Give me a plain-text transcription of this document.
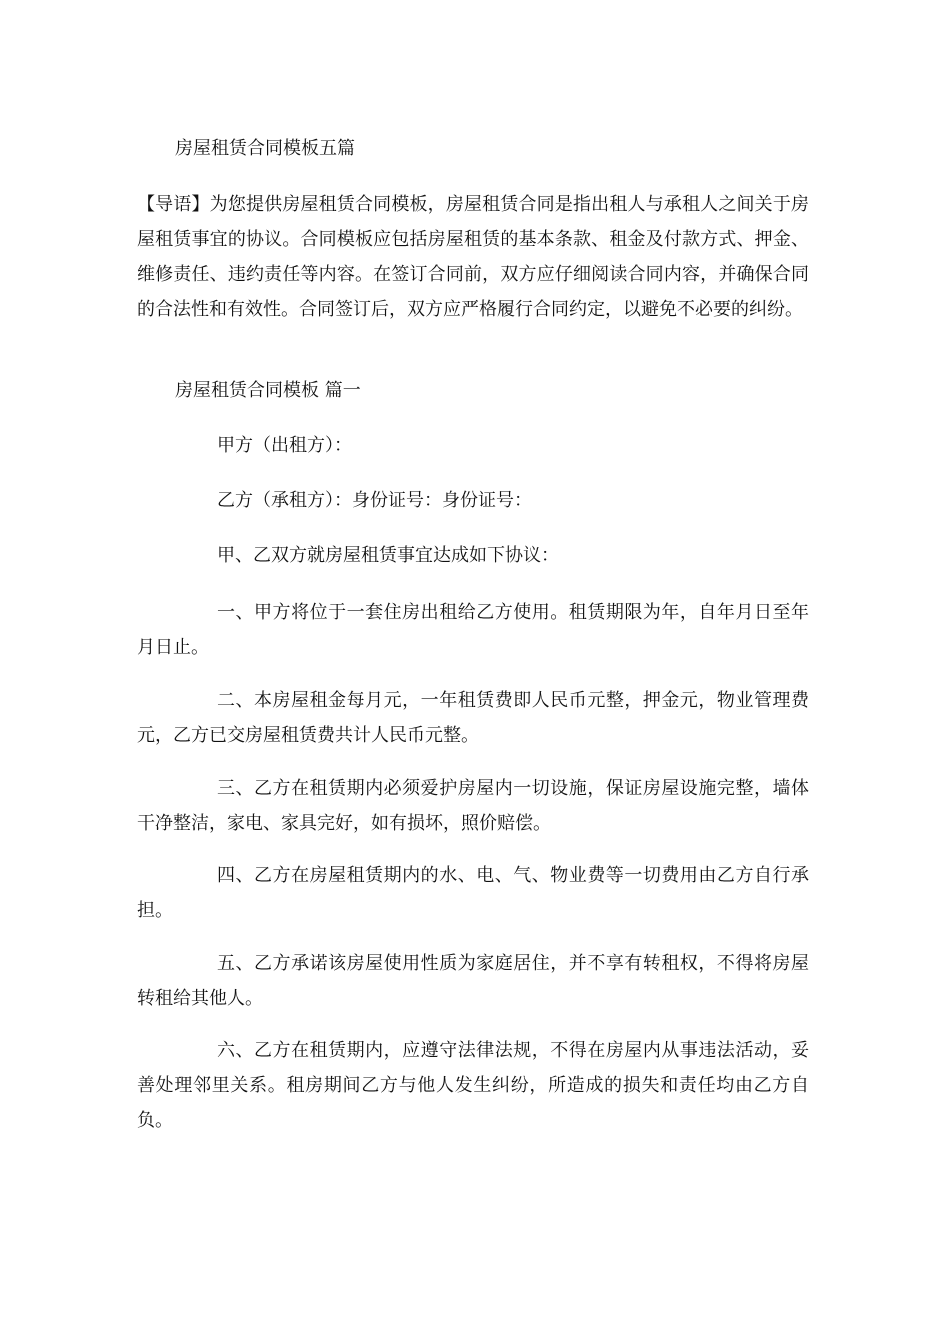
房屋租赁合同模板五篇
【导语】为您提供房屋租赁合同模板，房屋租赁合同是指出租人与承租人之间关于房屋租赁事宜的协议。合同模板应包括房屋租赁的基本条款、租金及付款方式、押金、维修责任、违约责任等内容。在签订合同前，双方应仔细阅读合同内容，并确保合同的合法性和有效性。合同签订后，双方应严格履行合同约定，以避免不必要的纠纷。
房屋租赁合同模板 篇一
甲方（出租方）：
乙方（承租方）：身份证号：身份证号：
甲、乙双方就房屋租赁事宜达成如下协议：
一、甲方将位于一套住房出租给乙方使用。租赁期限为年，自年月日至年月日止。
二、本房屋租金每月元，一年租赁费即人民币元整，押金元，物业管理费元，乙方已交房屋租赁费共计人民币元整。
三、乙方在租赁期内必须爱护房屋内一切设施，保证房屋设施完整，墙体干净整洁，家电、家具完好，如有损坏，照价赔偿。
四、乙方在房屋租赁期内的水、电、气、物业费等一切费用由乙方自行承担。
五、乙方承诺该房屋使用性质为家庭居住，并不享有转租权，不得将房屋转租给其他人。
六、乙方在租赁期内，应遵守法律法规，不得在房屋内从事违法活动，妥善处理邻里关系。租房期间乙方与他人发生纠纷，所造成的损失和责任均由乙方自负。
